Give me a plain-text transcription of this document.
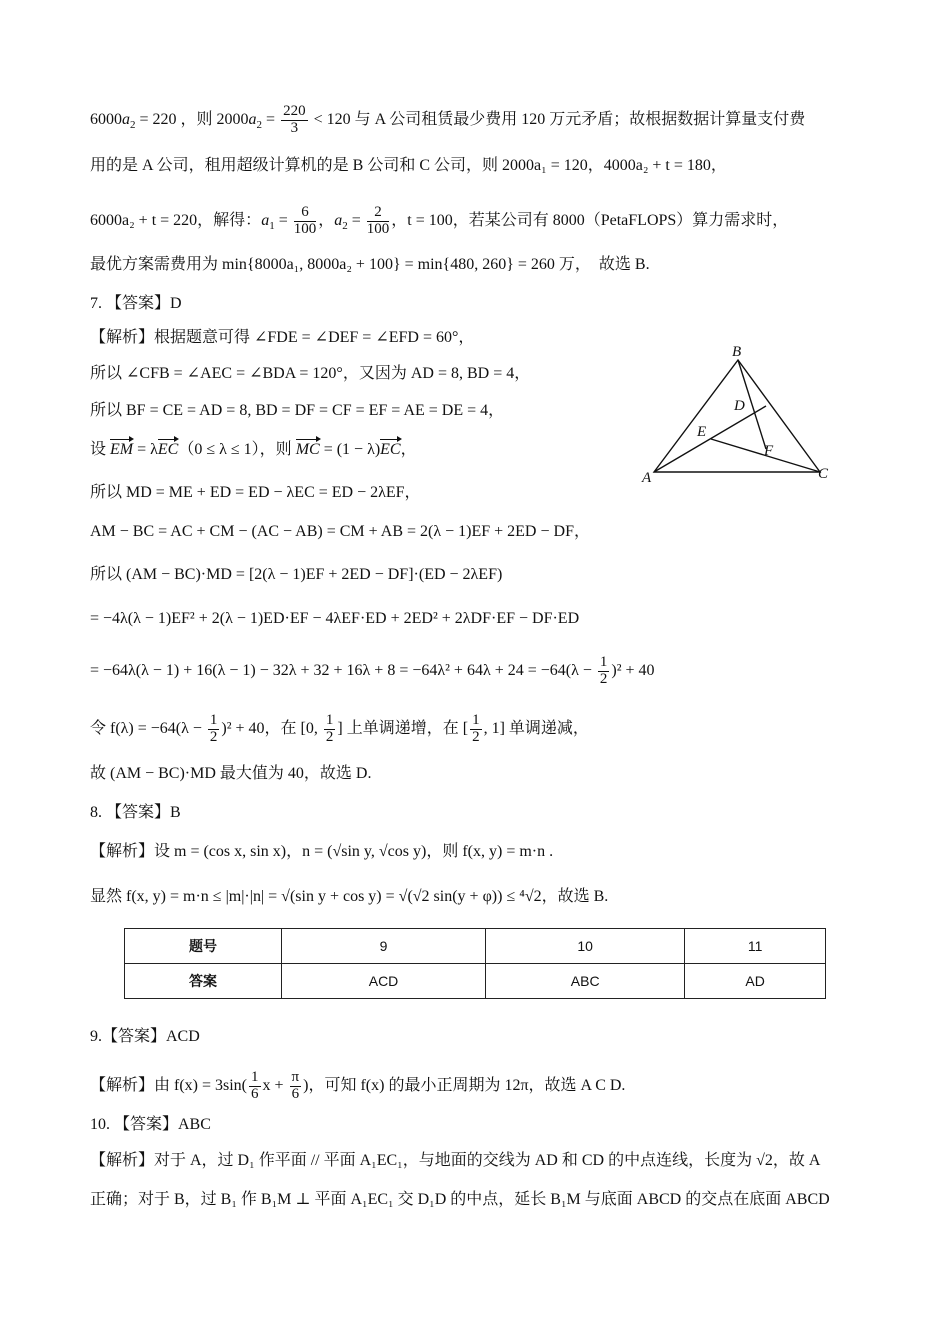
$6000a_2 = 220$ ，则 $2000a_2 = \frac{220}{3} < 120$ 与 A 公司租赁最少费用 120 万元矛盾；故根据数据计算量支付费
用的是 A 公司，租用超级计算机的是 B 公司和 C 公司，则 2000a₁ = 120，4000a₂ + t = 180，
6000a₂ + t = 220，解得：$a_1 = \frac{6}{100}$ ，$a_2 = \frac{2}{100}$ ，t = 100，若某公司有 8000（PetaFLOPS）算力需求时，
最优方案需费用为 min{8000a₁, 8000a₂ + 100} = min{480, 260} = 260 万，　故选 B.
7. 【答案】D
【解析】根据题意可得 ∠FDE = ∠DEF = ∠EFD = 60°，
所以 ∠CFB = ∠AEC = ∠BDA = 120°，又因为 AD = 8, BD = 4，
所以 BF = CE = AD = 8, BD = DF = CF = EF = AE = DE = 4，
设 EM = λEC（0 ≤ λ ≤ 1），则 MC = (1 − λ)EC，
所以 MD = ME + ED = ED − λEC = ED − 2λEF，
AM − BC = AC + CM − (AC − AB) = CM + AB = 2(λ − 1)EF + 2ED − DF，
所以 (AM − BC)·MD = [2(λ − 1)EF + 2ED − DF]·(ED − 2λEF)
= −4λ(λ − 1)EF² + 2(λ − 1)ED·EF − 4λEF·ED + 2ED² + 2λDF·EF − DF·ED
= $-64\lambda(\lambda - 1) + 16(\lambda - 1) - 32\lambda + 32 + 16\lambda + 8 = -64\lambda^2 + 64\lambda + 24 = -64(\lambda - \frac{1}{2} )^2 + 40$
令 $f(\lambda) = -64(\lambda - \frac{1}{2} )^2 + 40$，在 [0, $\frac{1}{2}$ ] 上单调递增，在 [ $\frac{1}{2}$ , 1] 单调递减，
故 (AM − BC)·MD 最大值为 40，故选 D.
B
A	C
D
E
F
8. 【答案】B
【解析】设 m = (cos x, sin x)，n = (√sin y, √cos y)，则 f(x, y) = m·n .
显然 f(x, y) = m·n ≤ |m|·|n| = √(sin y + cos y) = √(√2 sin(y + φ)) ≤ ⁴√2，故选 B.
题号	9	10	11
答案	ACD	ABC	AD
9.【答案】ACD
【解析】由 $f(x) = 3\sin( \frac{1}{6}$ $x + \frac{\pi}{6}$ )，可知 f(x) 的最小正周期为 12π，故选 A C D.
10. 【答案】ABC
【解析】对于 A，过 D₁ 作平面 // 平面 A₁EC₁，与地面的交线为 AD 和 CD 的中点连线，长度为 √2，故 A
正确；对于 B，过 B₁ 作 B₁M ⊥ 平面 A₁EC₁ 交 D₁D 的中点，延长 B₁M 与底面 ABCD 的交点在底面 ABCD
